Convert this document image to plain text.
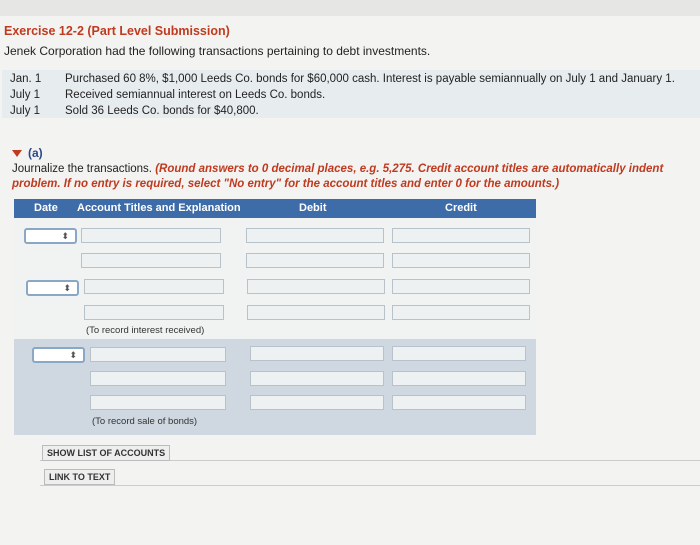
Exercise 12-2 (Part Level Submission)
Jenek Corporation had the following transactions pertaining to debt investments.
Jan. 1 Purchased 60 8%, $1,000 Leeds Co. bonds for $60,000 cash. Interest is payable semiannually on July 1 and January 1.
July 1 Received semiannual interest on Leeds Co. bonds.
July 1 Sold 36 Leeds Co. bonds for $40,800.
(a)
Journalize the transactions. (Round answers to 0 decimal places, e.g. 5,275. Credit account titles are automatically indent
problem. If no entry is required, select "No entry" for the account titles and enter 0 for the amounts.)
Date Account Titles and Explanation	Debit	Credit
⬍
⬍
(To record interest received)
⬍
(To record sale of bonds)
SHOW LIST OF ACCOUNTS
LINK TO TEXT
